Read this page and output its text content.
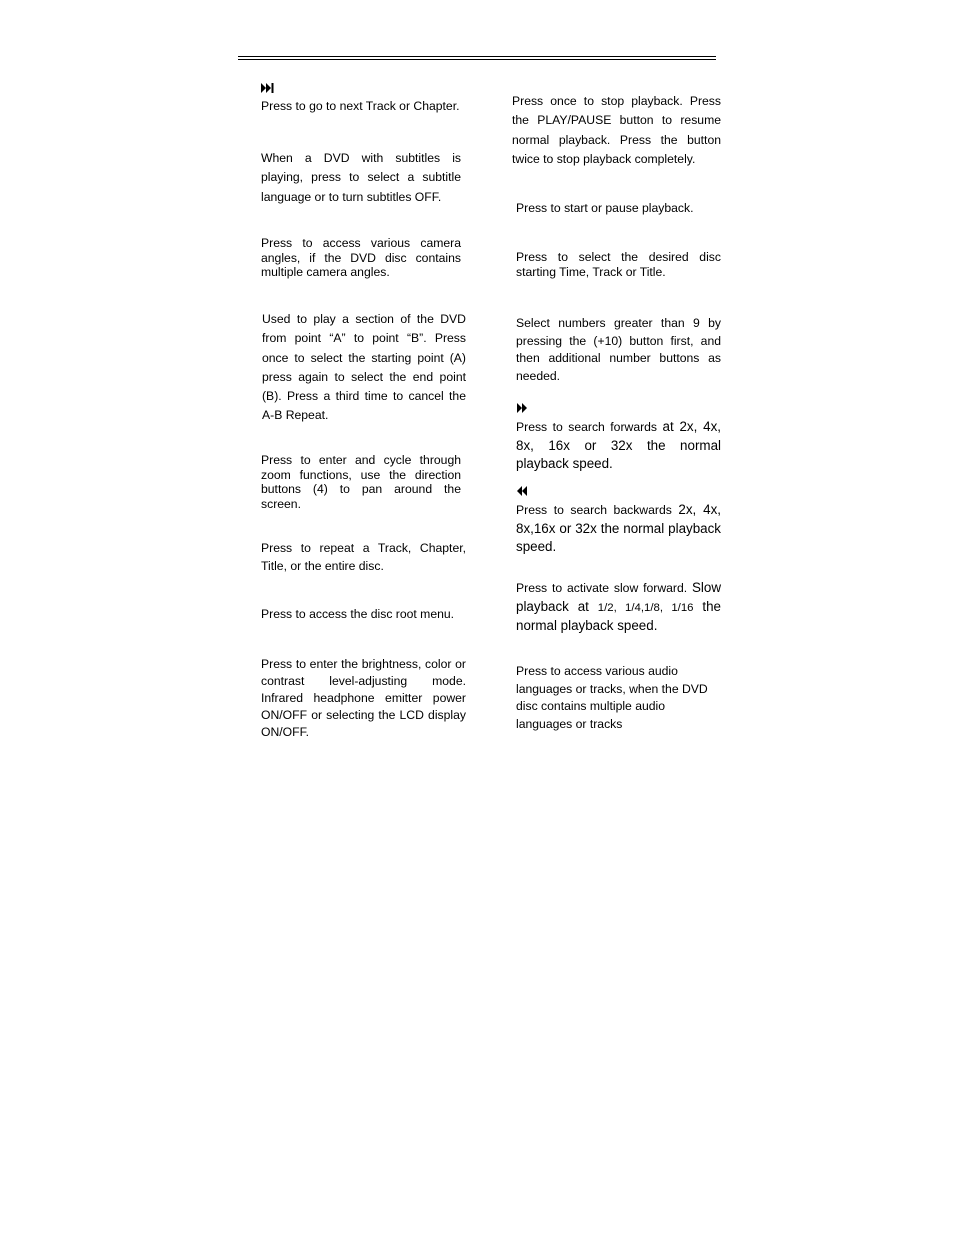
Press to go to next Track or Chapter.
When a DVD with subtitles is playing, press to select a subtitle language or to turn subtitles OFF.
Press to access various camera angles, if the DVD disc contains multiple camera angles.
Used to play a section of the DVD from point “A” to point “B”. Press once to select the starting point (A) press again to select the end point (B). Press a third time to cancel the A-B Repeat.
Press to enter and cycle through zoom functions, use the direction buttons (4) to pan around the screen.
Press to repeat a Track, Chapter, Title, or the entire disc.
Press to access the disc root menu.
Press to enter the brightness, color or contrast level-adjusting mode. Infrared headphone emitter power ON/OFF or selecting the LCD display ON/OFF.
Press once to stop playback. Press the PLAY/PAUSE button to resume normal playback. Press the button twice to stop playback completely.
Press to start or pause playback.
Press to select the desired disc starting Time, Track or Title.
Select numbers greater than 9 by pressing the (+10) button first, and then additional number buttons as needed.
Press to search forwards at 2x, 4x, 8x, 16x or 32x the normal playback speed.
Press to search backwards 2x, 4x, 8x,16x or 32x the normal playback speed.
Press to activate slow forward. Slow playback at 1/2, 1/4,1/8, 1/16 the normal playback speed.
Press to access various audio languages or tracks, when the DVD disc contains multiple audio languages or tracks
